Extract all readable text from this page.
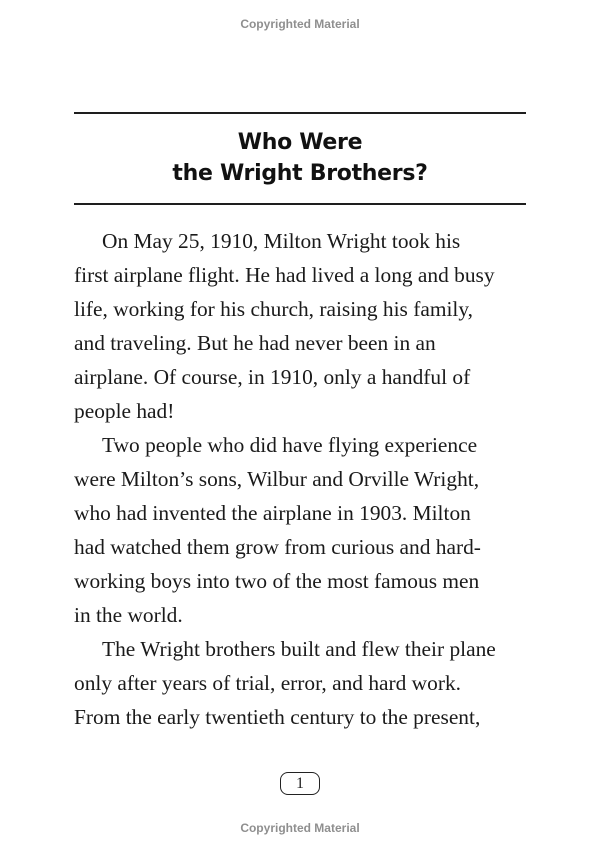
Copyrighted Material
Who Were
the Wright Brothers?
On May 25, 1910, Milton Wright took his
first airplane flight. He had lived a long and busy
life, working for his church, raising his family,
and traveling. But he had never been in an
airplane. Of course, in 1910, only a handful of
people had!
Two people who did have flying experience
were Milton’s sons, Wilbur and Orville Wright,
who had invented the airplane in 1903. Milton
had watched them grow from curious and hard-
working boys into two of the most famous men
in the world.
The Wright brothers built and flew their plane
only after years of trial, error, and hard work.
From the early twentieth century to the present,
1
Copyrighted Material
